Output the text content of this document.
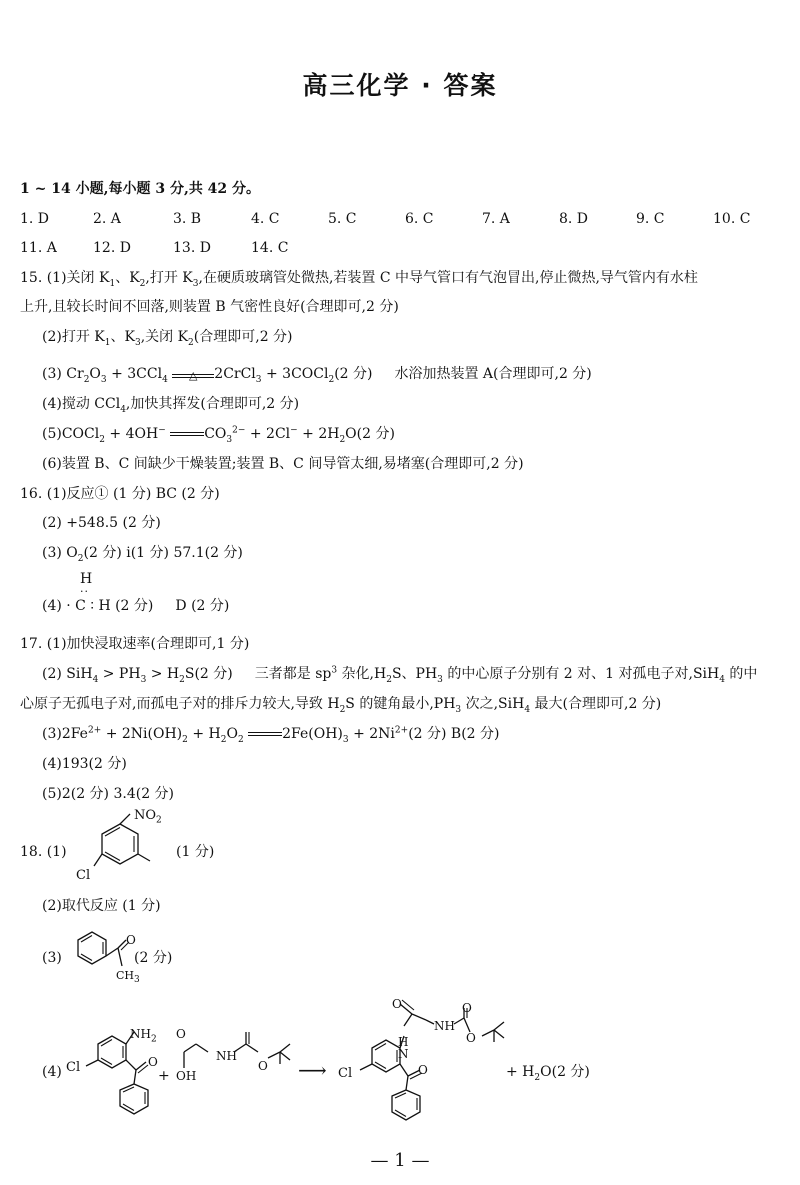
高三化学 · 答案
1 ~ 14 小题,每小题 3 分,共 42 分。
1. D	2. A	3. B	4. C	5. C	6. C	7. A	8. D	9. C	10. C
11. A	12. D	13. D	14. C
15. (1)关闭 $K_1$、$K_2$,打开 $K_3$,在硬质玻璃管处微热,若装置 C 中导气管口有气泡冒出,停止微热,导气管内有水柱
上升,且较长时间不回落,则装置 B 气密性良好(合理即可,2 分)
(2)打开 $K_1$、$K_3$,关闭 $K_2$(合理即可,2 分)
(3) $Cr_2O_3 + 3CCl_4$	△	2CrCl$_3$ + 3COCl$_2$(2 分) 水浴加热装置 A(合理即可,2 分)
(4)搅动 CCl$_4$,加快其挥发(合理即可,2 分)
(5)COCl$_2$ + 4OH−	$CO_3^{2-} + 2Cl^- + 2H_2O(2$ 分)
(6)装置 B、C 间缺少干燥装置;装置 B、C 间导管太细,易堵塞(合理即可,2 分)
16. (1)反应① (1 分) BC (2 分)
(2) +548.5 (2 分)
(3) $O_2(2$ 分) i(1 分) 57.1(2 分)
H
··
(4) · C ∶ H (2 分) D (2 分)
17. (1)加快浸取速率(合理即可,1 分)
(2) $SiH_4 > PH_3 > H_2S(2$ 分) 三者都是 $sp^3$ 杂化$,H_2S$、$PH_3$ 的中心原子分别有 2 对、1 对孤电子对,SiH$_4$ 的中
心原子无孤电子对,而孤电子对的排斥力较大,导致 $H_2S$ 的键角最小$,PH_3$ 次之,SiH$_4$ 最大(合理即可,2 分)
$(3)2Fe^{2+} + 2Ni(OH)_2 + H_2O_2$	$2Fe(OH)_3 + 2Ni^{2+}(2$ 分) B(2 分)
(4)193(2 分)
(5)2(2 分) 3.4(2 分)
18. (1)
$NO_2$
Cl
(1 分)
(2)取代反应 (1 分)
(3)
O
$CH_3$
(2 分)
(4) Cl
$NH_2$
O
+
O
OH
NH
O ⟶
H
N
O
NH
O
O
Cl	O	+ $H_2O(2$ 分)
— 1 —
